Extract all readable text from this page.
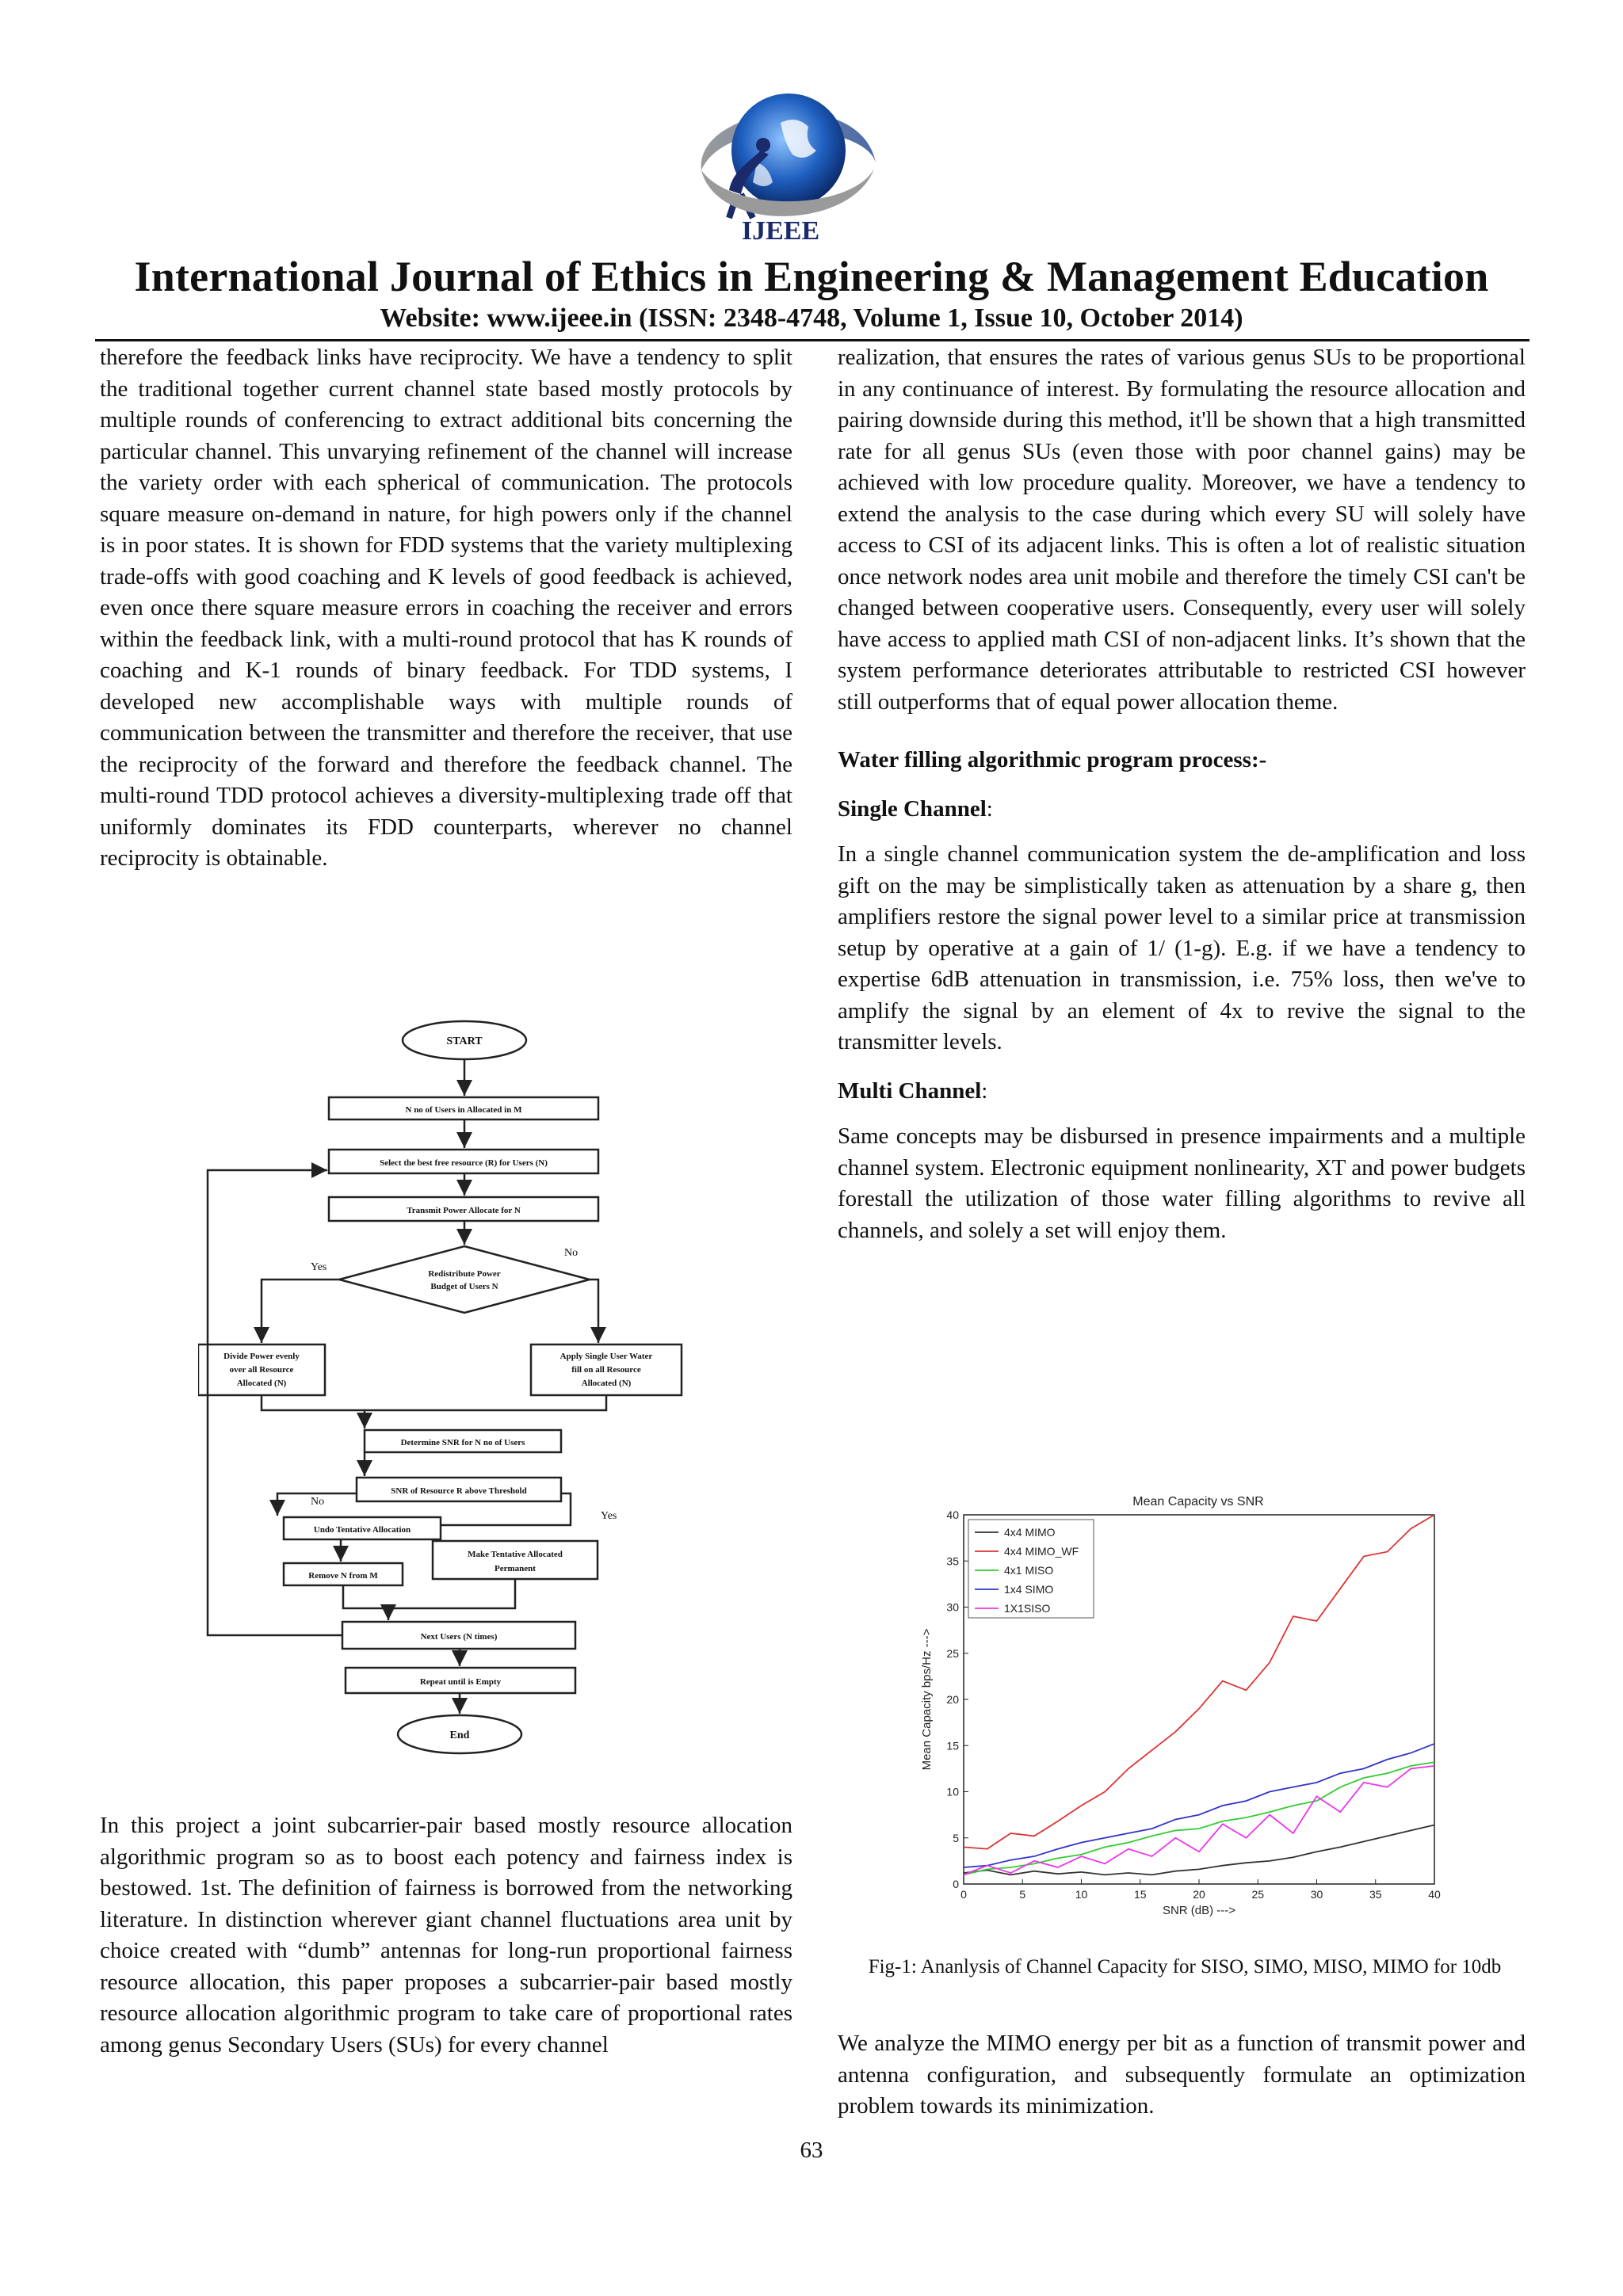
IJEEE
International Journal of Ethics in Engineering & Management Education
Website: www.ijeee.in (ISSN: 2348-4748, Volume 1, Issue 10, October 2014)

therefore the feedback links have reciprocity. We have a tendency to split the traditional together current channel state based mostly protocols by multiple rounds of conferencing to extract additional bits concerning the particular channel. This unvarying refinement of the channel will increase the variety order with each spherical of communication. The protocols square measure on-demand in nature, for high powers only if the channel is in poor states. It is shown for FDD systems that the variety multiplexing trade-offs with good coaching and K levels of good feedback is achieved, even once there square measure errors in coaching the receiver and errors within the feedback link, with a multi-round protocol that has K rounds of coaching and K-1 rounds of binary feedback. For TDD systems, I developed new accomplishable ways with multiple rounds of communication between the transmitter and therefore the receiver, that use the reciprocity of the forward and therefore the feedback channel. The multi-round TDD protocol achieves a diversity-multiplexing trade off that uniformly dominates its FDD counterparts, wherever no channel reciprocity is obtainable.

START
N no of Users in Allocated in M
Select the best free resource (R) for Users (N)
Transmit Power Allocate for N
Redistribute Power
Budget of Users N
Yes
No
Divide Power evenly
over all Resource
Allocated (N)
Apply Single User Water
fill on all Resource
Allocated (N)
Determine SNR for N no of Users
SNR of Resource R above Threshold
No
Yes
Undo Tentative Allocation
Make Tentative Allocated
Permanent
Remove N from M
Next Users (N times)
Repeat until is Empty
End

In this project a joint subcarrier-pair based mostly resource allocation algorithmic program so as to boost each potency and fairness index is bestowed. 1st. The definition of fairness is borrowed from the networking literature. In distinction wherever giant channel fluctuations area unit by choice created with “dumb” antennas for long-run proportional fairness resource allocation, this paper proposes a subcarrier-pair based mostly resource allocation algorithmic program to take care of proportional rates among genus Secondary Users (SUs) for every channel

realization, that ensures the rates of various genus SUs to be proportional in any continuance of interest. By formulating the resource allocation and pairing downside during this method, it'll be shown that a high transmitted rate for all genus SUs (even those with poor channel gains) may be achieved with low procedure quality. Moreover, we have a tendency to extend the analysis to the case during which every SU will solely have access to CSI of its adjacent links. This is often a lot of realistic situation once network nodes area unit mobile and therefore the timely CSI can't be changed between cooperative users. Consequently, every user will solely have access to applied math CSI of non-adjacent links. It’s shown that the system performance deteriorates attributable to restricted CSI however still outperforms that of equal power allocation theme.

Water filling algorithmic program process:-

Single Channel:

In a single channel communication system the de-amplification and loss gift on the may be simplistically taken as attenuation by a share g, then amplifiers restore the signal power level to a similar price at transmission setup by operative at a gain of 1/ (1-g). E.g. if we have a tendency to expertise 6dB attenuation in transmission, i.e. 75% loss, then we've to amplify the signal by an element of 4x to revive the signal to the transmitter levels.

Multi Channel:

Same concepts may be disbursed in presence impairments and a multiple channel system. Electronic equipment nonlinearity, XT and power budgets forestall the utilization of those water filling algorithms to revive all channels, and solely a set will enjoy them.

Mean Capacity vs SNR
0	5	10	15	20	25	30	35	40
0
5
10
15
20
25
30
35
40
4x4 MIMO
4x4 MIMO_WF
4x1 MISO
1x4 SIMO
1X1SISO
SNR (dB) --->
Mean Capacity bps/Hz --->
Fig-1: Ananlysis of Channel Capacity for SISO, SIMO, MISO, MIMO for 10db

We analyze the MIMO energy per bit as a function of transmit power and antenna configuration, and subsequently formulate an optimization problem towards its minimization.

63
